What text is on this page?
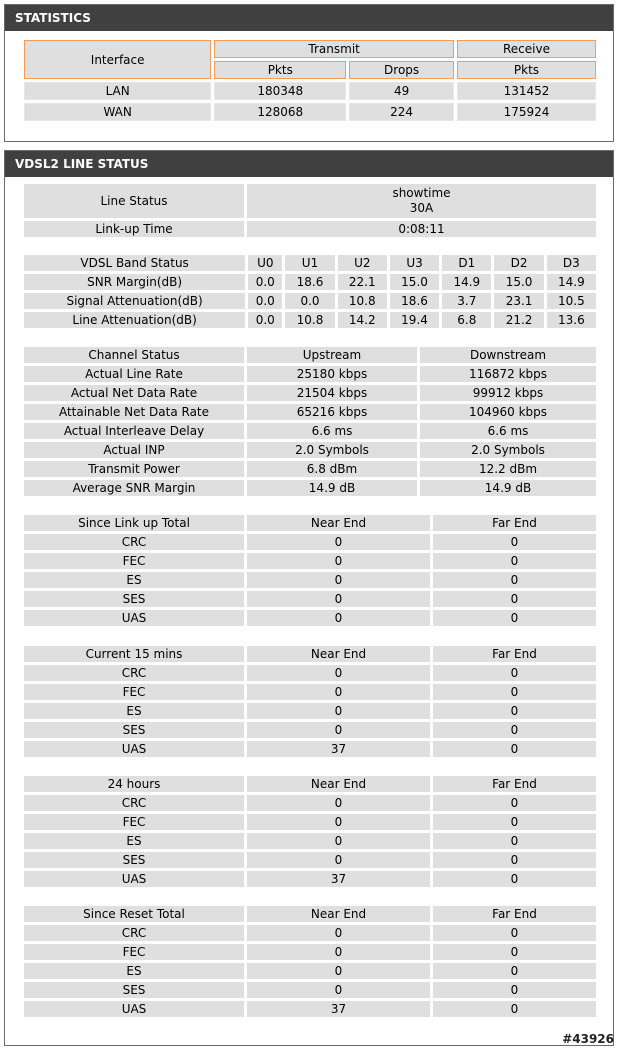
STATISTICS
Interface	Transmit		Receive
	Pkts	Drops	Pkts
LAN	180348	49	131452
WAN	128068	224	175924
VDSL2 LINE STATUS
Line Status	showtime
30A

Link-up Time	0:08:11
VDSL Band Status	U0	U1	U2	U3	D1	D2	D3
SNR Margin(dB)	0.0	18.6	22.1	15.0	14.9	15.0	14.9
Signal Attenuation(dB)	0.0	0.0	10.8	18.6	3.7	23.1	10.5
Line Attenuation(dB)	0.0	10.8	14.2	19.4	6.8	21.2	13.6
Channel Status	Upstream	Downstream
Actual Line Rate	25180 kbps	116872 kbps
Actual Net Data Rate	21504 kbps	99912 kbps
Attainable Net Data Rate	65216 kbps	104960 kbps
Actual Interleave Delay	6.6 ms	6.6 ms
Actual INP	2.0 Symbols	2.0 Symbols
Transmit Power	6.8 dBm	12.2 dBm
Average SNR Margin	14.9 dB	14.9 dB
Since Link up Total	Near End	Far End
CRC	0	0
FEC	0	0
ES	0	0
SES	0	0
UAS	0	0
Current 15 mins	Near End	Far End
CRC	0	0
FEC	0	0
ES	0	0
SES	0	0
UAS	37	0
24 hours	Near End	Far End
CRC	0	0
FEC	0	0
ES	0	0
SES	0	0
UAS	37	0
Since Reset Total	Near End	Far End
CRC	0	0
FEC	0	0
ES	0	0
SES	0	0
UAS	37	0
#43926
